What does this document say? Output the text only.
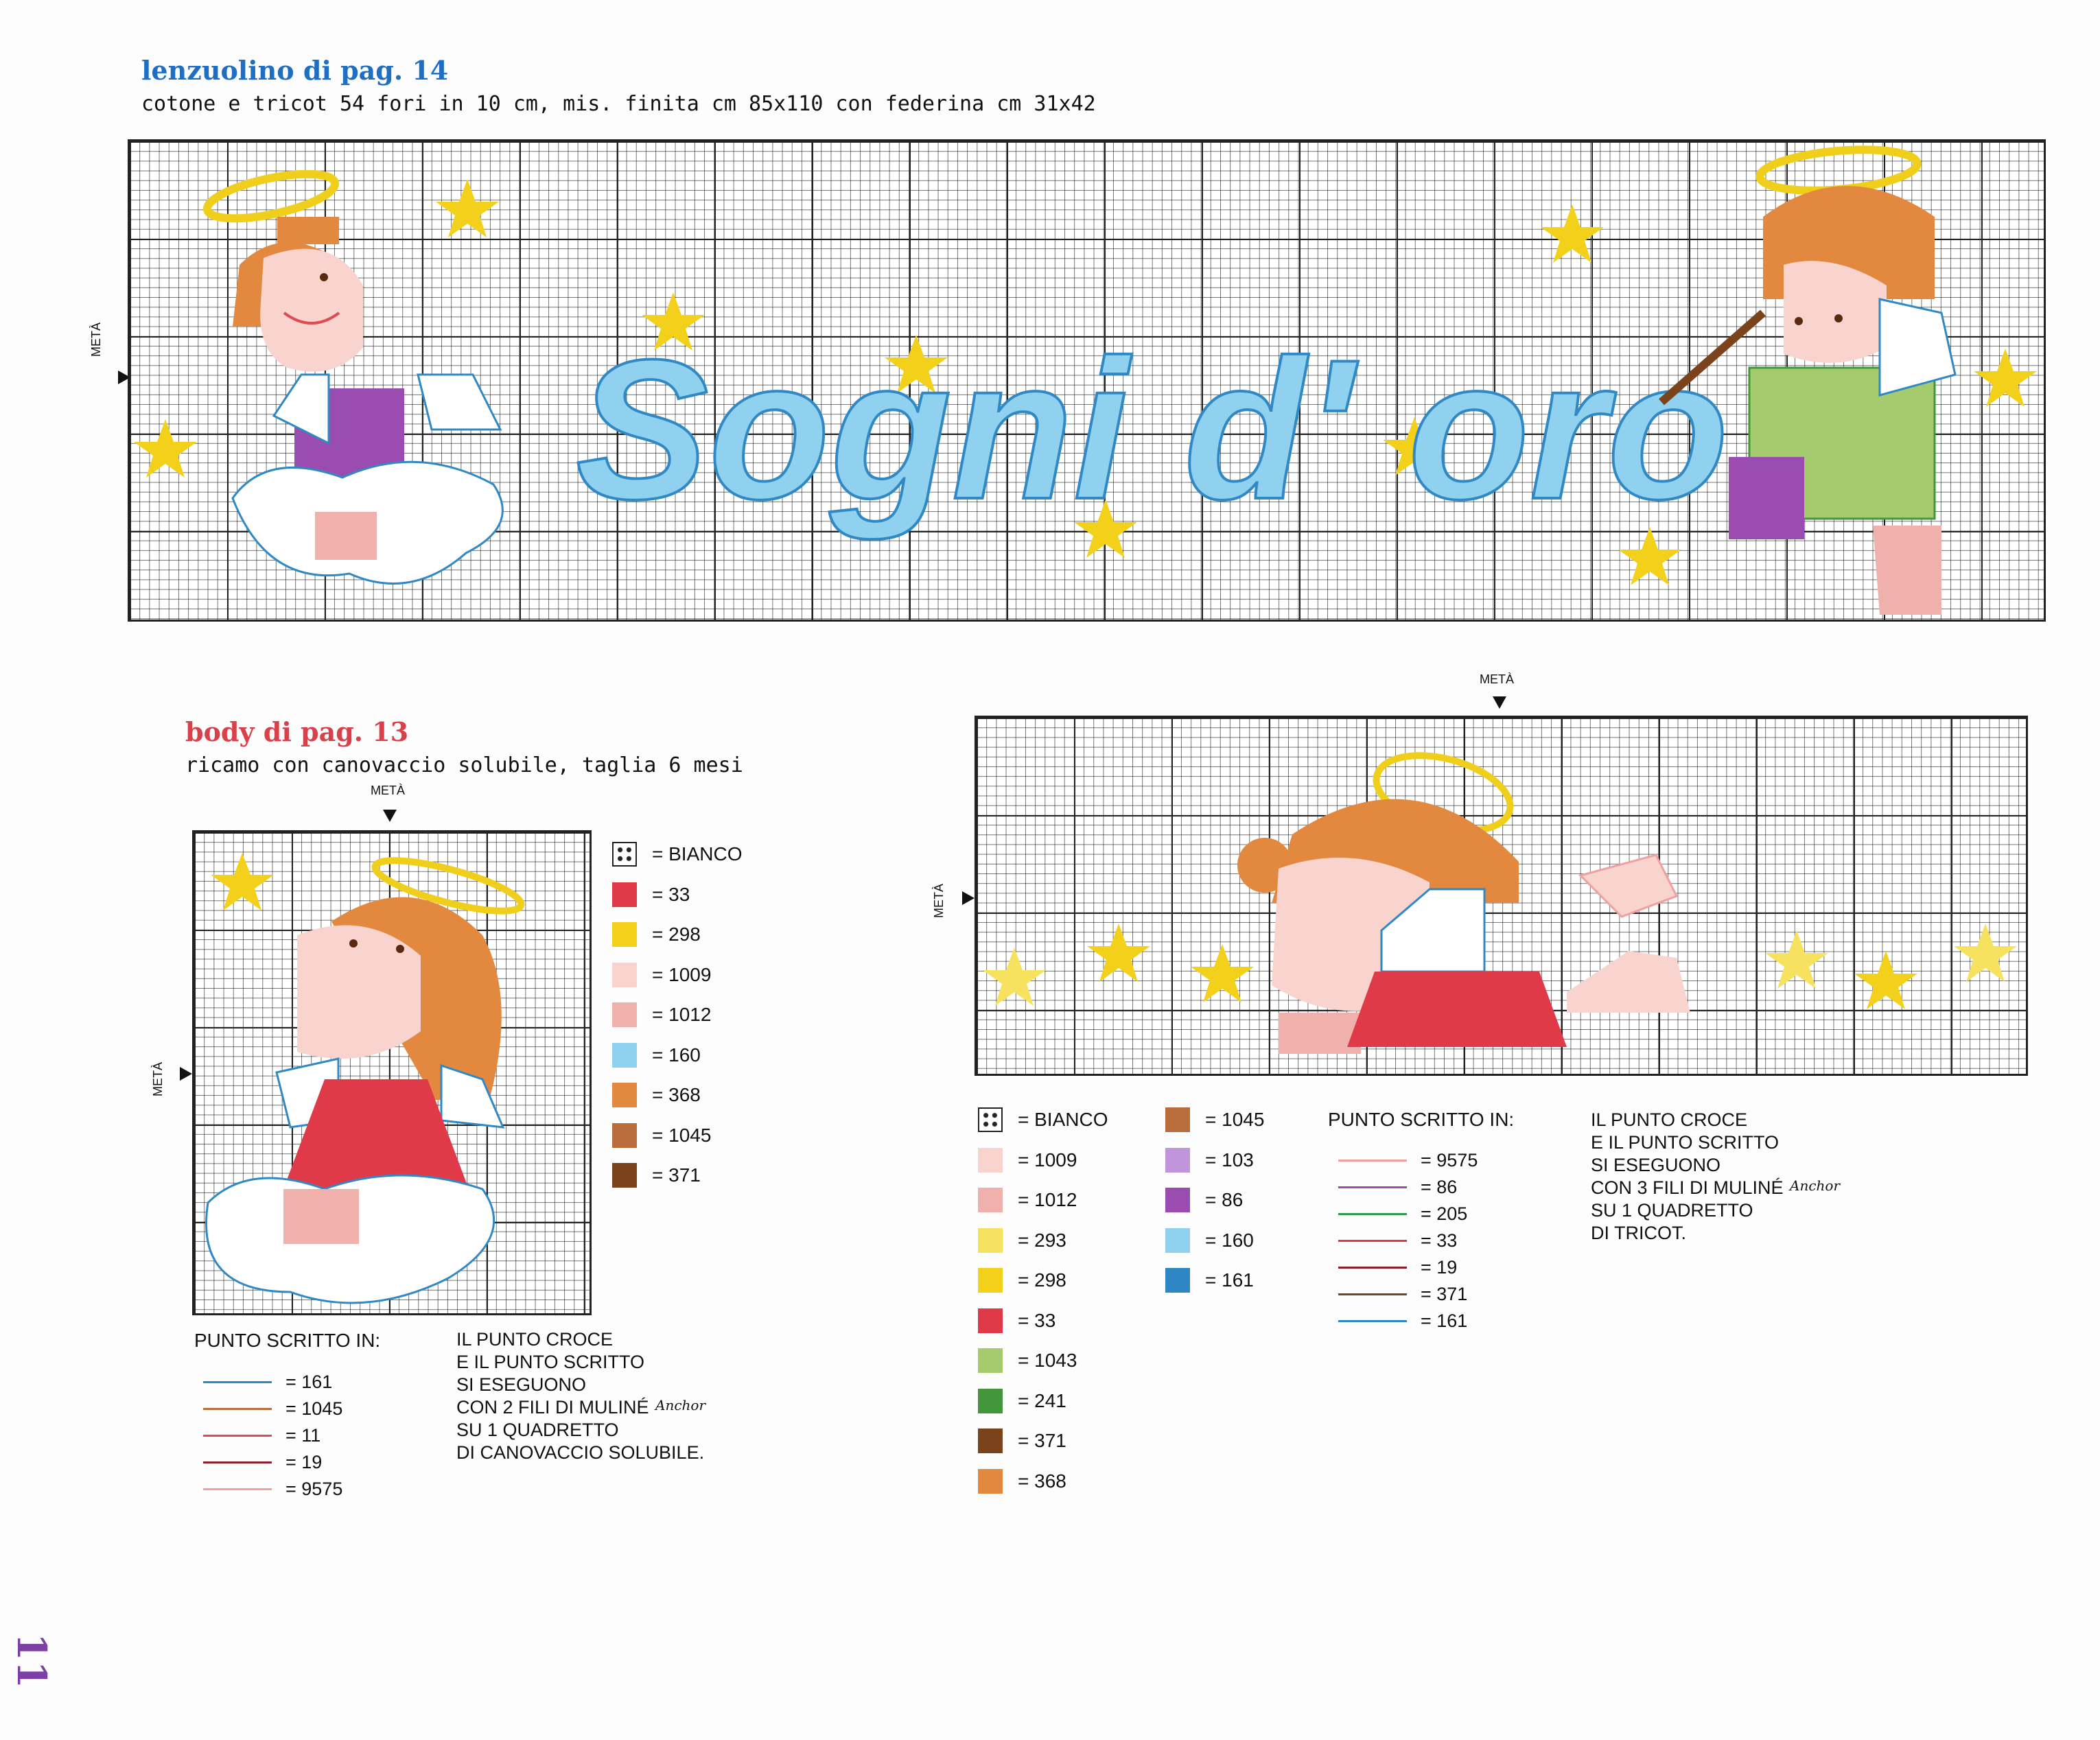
lenzuolino di pag. 14
cotone e tricot 54 fori in 10 cm, mis. finita cm 85x110 con federina cm 31x42
METÀ Sogni d' oro
body di pag. 13
ricamo con canovaccio solubile, taglia 6 mesi
METÀ
METÀ
= BIANCO
= 33
= 298
= 1009
= 1012
= 160
= 368
= 1045
= 371
PUNTO SCRITTO IN:
= 161
= 1045
= 11
= 19
= 9575
IL PUNTO CROCE
E IL PUNTO SCRITTO
SI ESEGUONO
CON 2 FILI DI MULINÉ
SU 1 QUADRETTO
DI CANOVACCIO SOLUBILE.
Anchor
METÀ
METÀ
= BIANCO
= 1009
= 1012
= 293
= 298
= 33
= 1043
= 241
= 371
= 368
= 1045
= 103
= 86
= 160
= 161
PUNTO SCRITTO IN:
= 9575
= 86
= 205
= 33
= 19
= 371
= 161
IL PUNTO CROCE
E IL PUNTO SCRITTO
SI ESEGUONO
CON 3 FILI DI MULINÉ
SU 1 QUADRETTO
DI TRICOT.
Anchor
11
